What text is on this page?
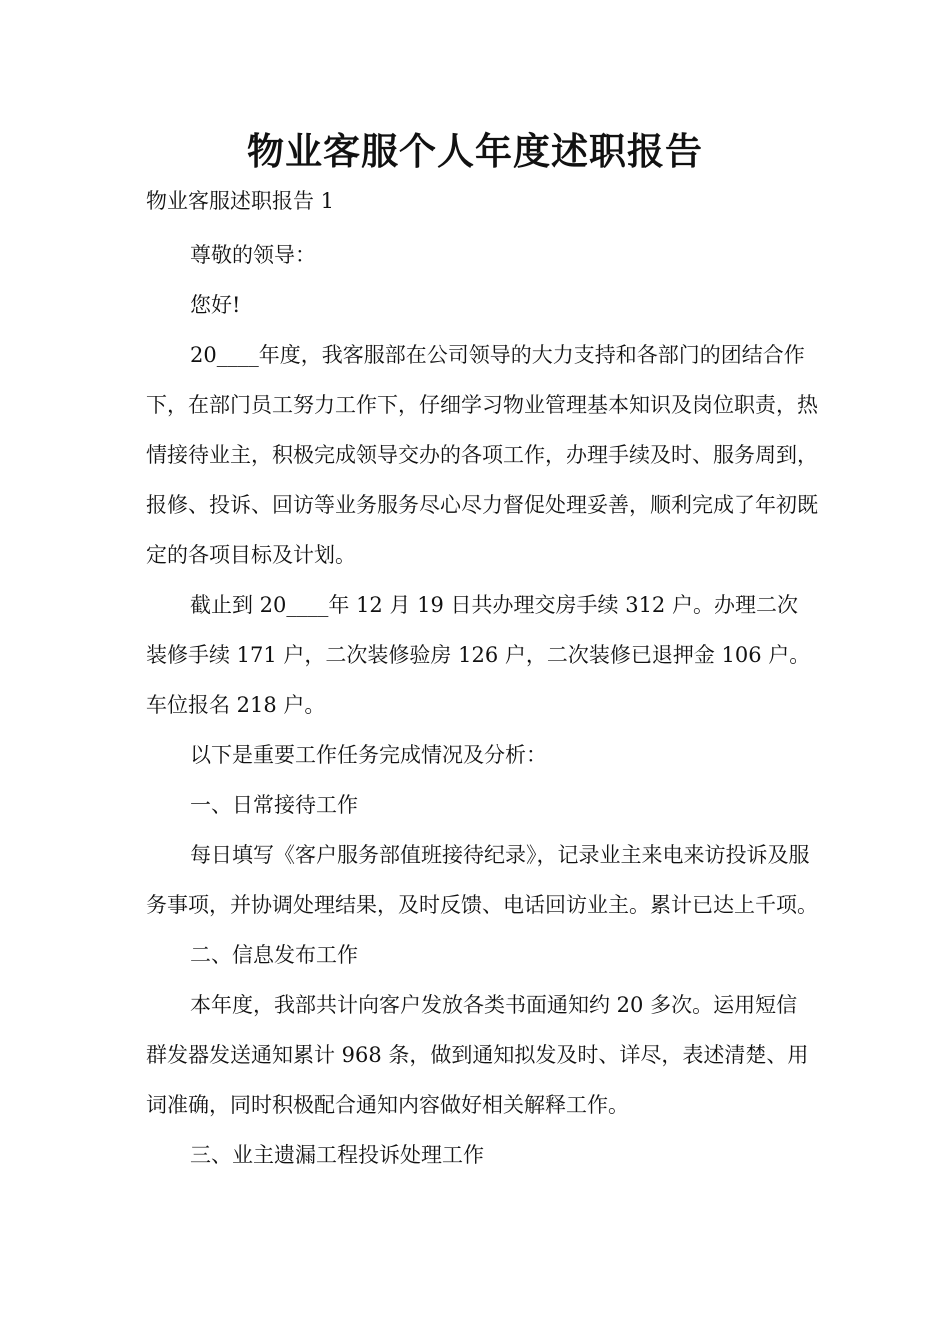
物业客服个人年度述职报告

物业客服述职报告 1

尊敬的领导：

您好!

20____年度，我客服部在公司领导的大力支持和各部门的团结合作下，在部门员工努力工作下，仔细学习物业管理基本知识及岗位职责，热情接待业主，积极完成领导交办的各项工作，办理手续及时、服务周到，报修、投诉、回访等业务服务尽心尽力督促处理妥善，顺利完成了年初既定的各项目标及计划。

截止到 20____年 12 月 19 日共办理交房手续 312 户。办理二次装修手续 171 户，二次装修验房 126 户，二次装修已退押金 106 户。车位报名 218 户。

以下是重要工作任务完成情况及分析：

一、日常接待工作

每日填写《客户服务部值班接待纪录》，记录业主来电来访投诉及服务事项，并协调处理结果，及时反馈、电话回访业主。累计已达上千项。

二、信息发布工作

本年度，我部共计向客户发放各类书面通知约 20 多次。运用短信群发器发送通知累计 968 条，做到通知拟发及时、详尽，表述清楚、用词准确，同时积极配合通知内容做好相关解释工作。

三、业主遗漏工程投诉处理工作
